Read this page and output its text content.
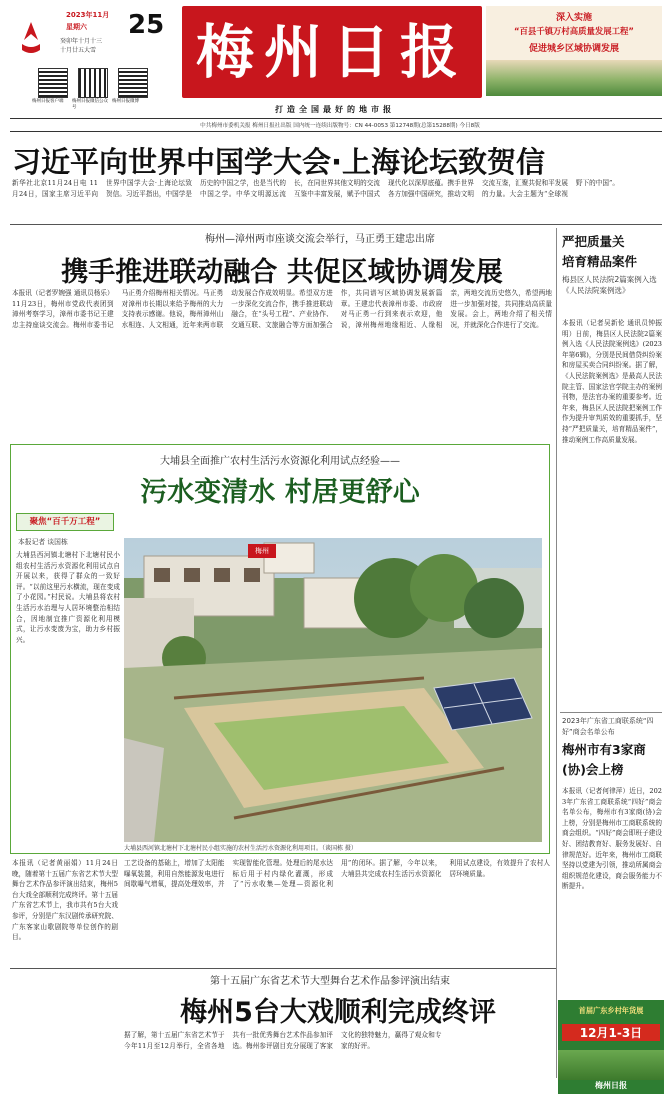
2023年11月
星期六
癸卯年十月十三
十月廿五大雪
25
梅州日报客户端	梅州日报微信公众号
梅州日报微博
梅州日报
打造全国最好的地市报
深入实施
“百县千镇万村高质量发展工程”
促进城乡区域协调发展
中共梅州市委机关报 梅州日报社出版 国内统一连续出版物号：CN 44-0053 第12748期(总第15288期) 今日8版
习近平向世界中国学大会·上海论坛致贺信
新华社北京11月24日电 11月24日，国家主席习近平向世界中国学大会·上海论坛致贺信。习近平指出，中国学是历史的中国之学，也是当代的中国之学。中华文明源远流长，在同世界其他文明的交流互鉴中丰富发展，赋予中国式现代化以深厚底蕴。携手世界各方加强中国研究，推动文明交流互鉴，汇聚共促和平发展的力量。大会主题为“全球视野下的中国”。
梅州—漳州两市座谈交流会举行，马正勇王建忠出席
携手推进联动融合 共促区域协调发展
本报讯（记者罗婉强 通讯员杨乐）11月23日，梅州市党政代表团到漳州考察学习，漳州市委书记王建忠主持座谈交流会。梅州市委书记马正勇介绍梅州相关情况。马正勇对漳州市长期以来给予梅州的大力支持表示感谢。他说，梅州漳州山水相连、人文相通，近年来两市联动发展合作成效明显。希望双方进一步深化交流合作，携手推进联动融合，在“头号工程”、产业协作、交通互联、文旅融合等方面加强合作，共同谱写区域协调发展新篇章。王建忠代表漳州市委、市政府对马正勇一行到来表示欢迎，他说，漳州梅州地缘相近、人缘相亲，两地交流历史悠久，希望两地进一步加强对接，共同推动高质量发展。会上，两地介绍了相关情况，并就深化合作进行了交流。
严把质量关
培育精品案件
梅县区人民法院2篇案例入选《人民法院案例选》
本报讯（记者吴新伦 通讯员钟振明）日前，梅县区人民法院2篇案例入选《人民法院案例选》(2023年第6辑)，分别是民间借贷纠纷案和房屋买卖合同纠纷案。据了解，《人民法院案例选》是最高人民法院主管、国家法官学院主办的案例刊物，是法官办案的重要参考。近年来，梅县区人民法院把案例工作作为提升审判质效的重要抓手，坚持“严把质量关，培育精品案件”，推动案例工作高质量发展。
2023年广东省工商联系统“四好”商会名单公布
梅州市有3家商(协)会上榜
本报讯（记者何律萍）近日，2023年广东省工商联系统“四好”商会名单公布，梅州市有3家商(协)会上榜，分别是梅州市工商联系统的商会组织。“四好”商会即班子建设好、团结教育好、服务发展好、自律规范好。近年来，梅州市工商联坚持以党建为引领，推动所属商会组织规范化建设，商会服务能力不断提升。
大埔县全面推广农村生活污水资源化利用试点经验——
污水变清水 村居更舒心
聚焦“百千万工程”
本报记者 谈国栋
大埔县西河镇北塘村下北塘村民小组农村生活污水资源化利用试点自开展以来，获得了群众的一致好评。“以前这里污水横流，现在变成了小花园。”村民说。大埔县将农村生活污水治理与人居环境整治相结合，因地制宜推广资源化利用模式，让污水变废为宝，助力乡村振兴。
梅州
大埔县西河镇北塘村下北塘村民小组实施的农村生活污水资源化利用项目。（谈国栋 摄）
工艺设备的基础上，增加了太阳能曝氧装置，利用自然能源发电进行间歇曝气增氧，提高处理效率，并实现智能化管理。处理后的尾水达标后用于村内绿化灌溉，形成了“污水收集—处理—资源化利用”的闭环。据了解，今年以来，大埔县共完成农村生活污水资源化利用试点建设，有效提升了农村人居环境质量。
本报讯（记者黄丽娟）11月24日晚，随着第十五届广东省艺术节大型舞台艺术作品参评演出结束，梅州5台大戏全部顺利完成终评。第十五届广东省艺术节上，我市共有5台大戏参评，分别是广东汉剧传承研究院、广东客家山歌剧院等单位创作的剧目。
第十五届广东省艺术节大型舞台艺术作品参评演出结束
梅州5台大戏顺利完成终评
据了解，第十五届广东省艺术节于今年11月至12月举行，全省各地共有一批优秀舞台艺术作品参加评选。梅州参评剧目充分展现了客家文化的独特魅力，赢得了观众和专家的好评。
首届广东乡村年货展
12月1-3日
梅州日报
